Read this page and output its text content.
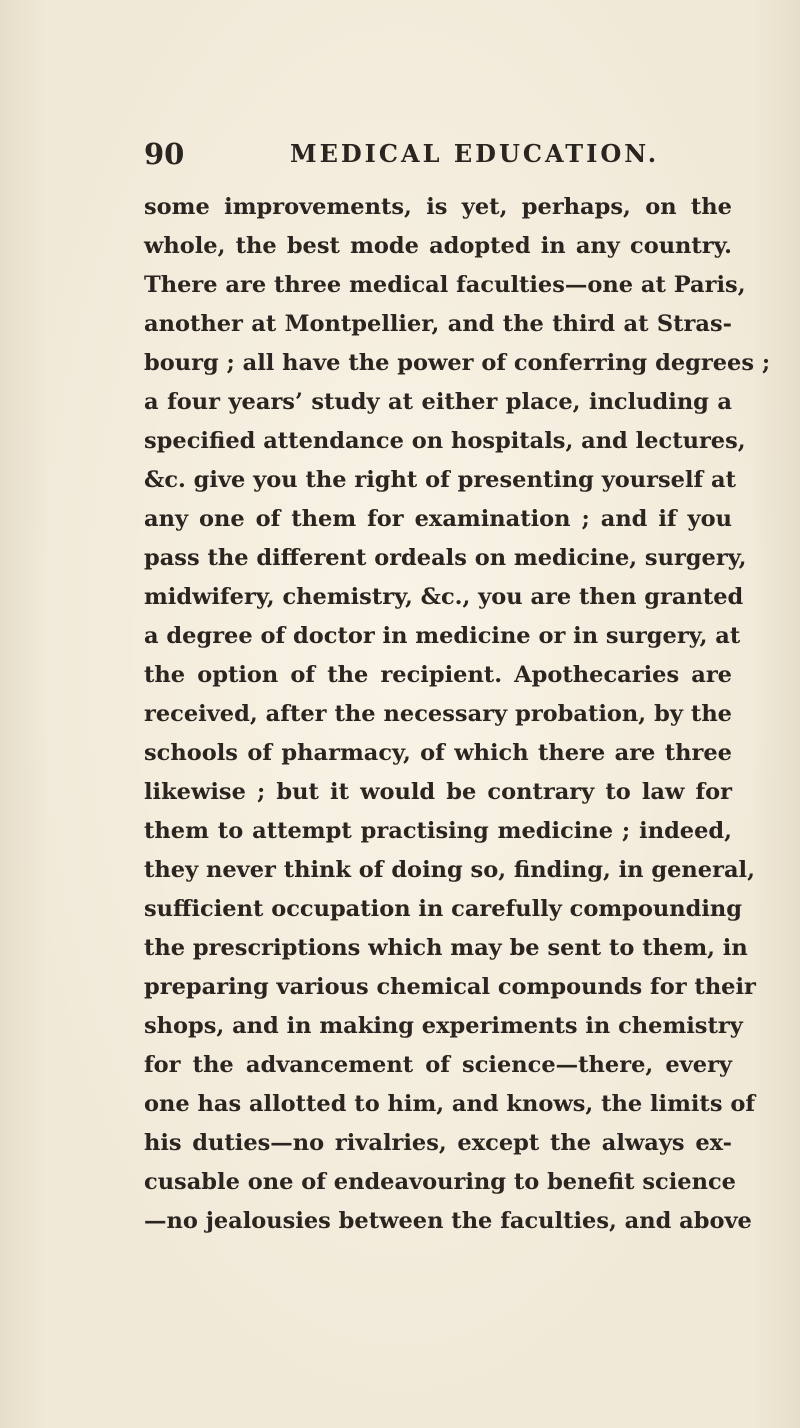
90	MEDICAL EDUCATION.
some improvements, is yet, perhaps, on the
whole, the best mode adopted in any country.
There are three medical faculties—one at Paris,
another at Montpellier, and the third at Stras-
bourg ; all have the power of conferring degrees ;
a four years’ study at either place, including a
specified attendance on hospitals, and lectures,
&c. give you the right of presenting yourself at
any one of them for examination ; and if you
pass the different ordeals on medicine, surgery,
midwifery, chemistry, &c., you are then granted
a degree of doctor in medicine or in surgery, at
the option of the recipient. Apothecaries are
received, after the necessary probation, by the
schools of pharmacy, of which there are three
likewise ; but it would be contrary to law for
them to attempt practising medicine ; indeed,
they never think of doing so, finding, in general,
sufficient occupation in carefully compounding
the prescriptions which may be sent to them, in
preparing various chemical compounds for their
shops, and in making experiments in chemistry
for the advancement of science—there, every
one has allotted to him, and knows, the limits of
his duties—no rivalries, except the always ex-
cusable one of endeavouring to benefit science
—no jealousies between the faculties, and above
